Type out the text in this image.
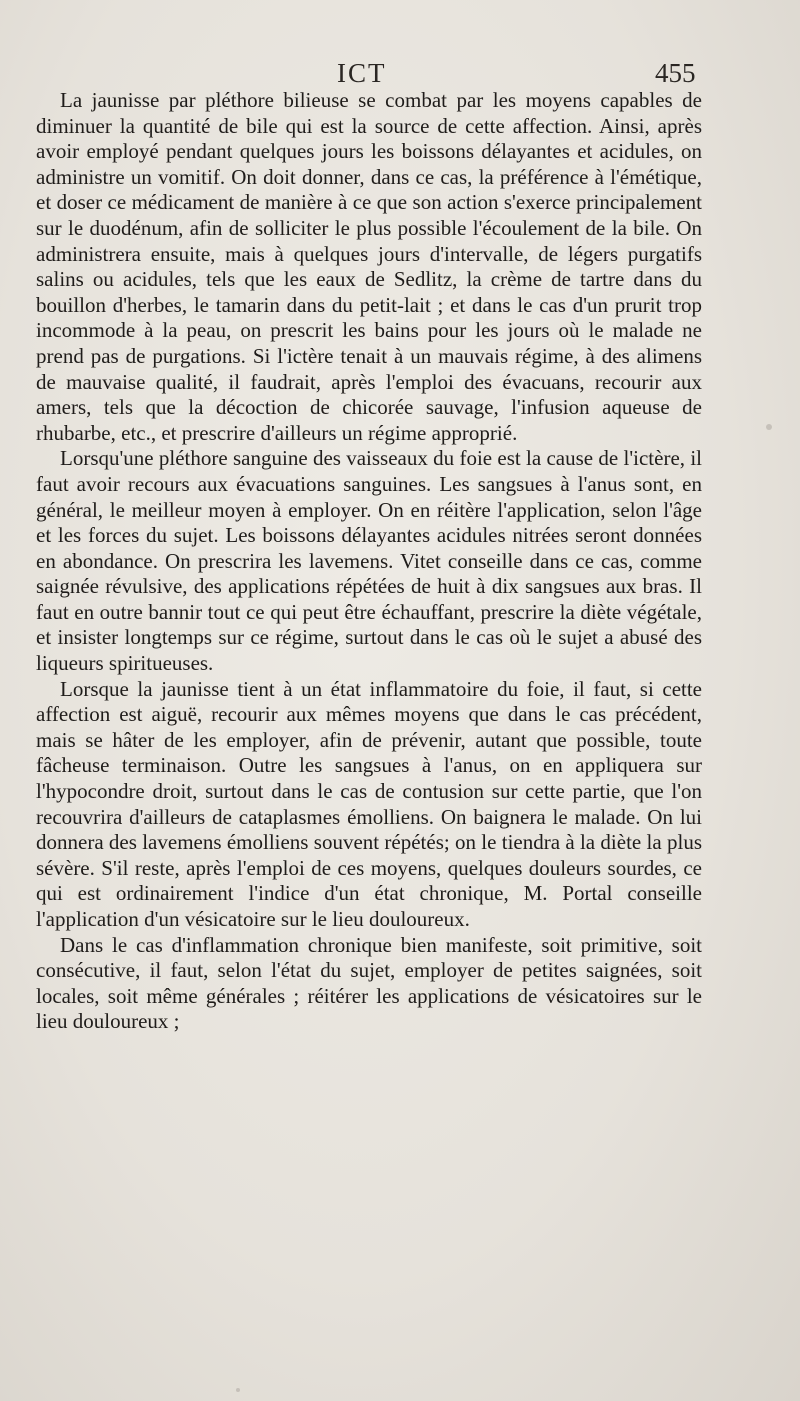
ICT	455

La jaunisse par pléthore bilieuse se combat par les moyens capables de diminuer la quantité de bile qui est la source de cette affection. Ainsi, après avoir employé pendant quelques jours les boissons délayantes et acidules, on administre un vomitif. On doit donner, dans ce cas, la préférence à l'émétique, et doser ce médicament de manière à ce que son action s'exerce principalement sur le duodénum, afin de solliciter le plus possible l'écoulement de la bile. On administrera ensuite, mais à quelques jours d'intervalle, de légers purgatifs salins ou acidules, tels que les eaux de Sedlitz, la crème de tartre dans du bouillon d'herbes, le tamarin dans du petit-lait ; et dans le cas d'un prurit trop incommode à la peau, on prescrit les bains pour les jours où le malade ne prend pas de purgations. Si l'ictère tenait à un mauvais régime, à des alimens de mauvaise qualité, il faudrait, après l'emploi des évacuans, recourir aux amers, tels que la décoction de chicorée sauvage, l'infusion aqueuse de rhubarbe, etc., et prescrire d'ailleurs un régime approprié.

Lorsqu'une pléthore sanguine des vaisseaux du foie est la cause de l'ictère, il faut avoir recours aux évacuations sanguines. Les sangsues à l'anus sont, en général, le meilleur moyen à employer. On en réitère l'application, selon l'âge et les forces du sujet. Les boissons délayantes acidules nitrées seront données en abondance. On prescrira les lavemens. Vitet conseille dans ce cas, comme saignée révulsive, des applications répétées de huit à dix sangsues aux bras. Il faut en outre bannir tout ce qui peut être échauffant, prescrire la diète végétale, et insister longtemps sur ce régime, surtout dans le cas où le sujet a abusé des liqueurs spiritueuses.

Lorsque la jaunisse tient à un état inflammatoire du foie, il faut, si cette affection est aiguë, recourir aux mêmes moyens que dans le cas précédent, mais se hâter de les employer, afin de prévenir, autant que possible, toute fâcheuse terminaison. Outre les sangsues à l'anus, on en appliquera sur l'hypocondre droit, surtout dans le cas de contusion sur cette partie, que l'on recouvrira d'ailleurs de cataplasmes émolliens. On baignera le malade. On lui donnera des lavemens émolliens souvent répétés; on le tiendra à la diète la plus sévère. S'il reste, après l'emploi de ces moyens, quelques douleurs sourdes, ce qui est ordinairement l'indice d'un état chronique, M. Portal conseille l'application d'un vésicatoire sur le lieu douloureux.

Dans le cas d'inflammation chronique bien manifeste, soit primitive, soit consécutive, il faut, selon l'état du sujet, employer de petites saignées, soit locales, soit même générales ; réitérer les applications de vésicatoires sur le lieu douloureux ;
